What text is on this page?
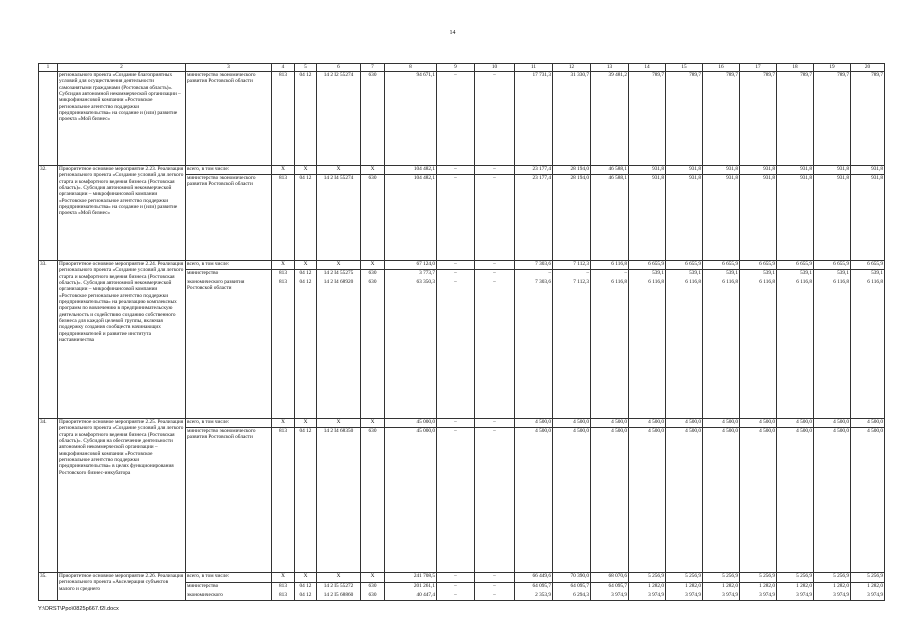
14
1	2	3	4	5	6	7	8	9	10	11	12	13	14	15	16	17	18	19	20
	регионального проекта «Создание благоприятных условий для осуществления деятельности самозанятыми гражданами (Ростовская область)». Субсидия автономной некоммерческой организации – микрофинансовой компании «Ростовское региональное агентство поддержки предпринимательства» на создание и (или) развитие проекта «Мой бизнес»	министерство экономического развития Ростовской области	813	04 12	14 2 I2 55274	630	94 671,1	–	–	17 731,3	31 330,7	39 481,2	789,7	789,7	789,7	789,7	789,7	789,7	789,7
32.	Приоритетное основное мероприятие 2.23. Реализация регионального проекта «Создание условий для легкого старта и комфортного ведения бизнеса (Ростовская область)». Субсидия автономной некоммерческой организации – микрофинансовой компании «Ростовское региональное агентство поддержки предпринимательства» на создание и (или) развитие проекта «Мой бизнес»	всего, в том числе:	Х	Х	Х	Х	104 482,1	–	–	23 177,4	28 194,0	46 588,1	931,8	931,8	931,8	931,8	931,8	931,8	931,8
		министерство экономического развития Ростовской области	813	04 12	14 2 I4 55274	630	104 482,1	–	–	23 177,4	28 194,0	46 588,1	931,8	931,8	931,8	931,8	931,8	931,8	931,8
33.	Приоритетное основное мероприятие 2.24. Реализация регионального проекта «Создание условий для легкого старта и комфортного ведения бизнеса (Ростовская область)». Субсидия автономной некоммерческой организации – микрофинансовой компании «Ростовское региональное агентство поддержки предпринимательства» на реализацию комплексных программ по вовлечению в предпринимательскую деятельность и содействию созданию собственного бизнеса для каждой целевой группы, включая поддержку создания сообществ начинающих предпринимателей и развитие института наставничества	всего, в том числе:	Х	Х	Х	Х	67 124,0	–	–	7 303,6	7 112,3	6 116,8	6 655,9	6 655,9	6 655,9	6 655,9	6 655,9	6 655,9	6 655,9
		министерство	813	04 12	14 2 I4 55275	630	3 773,7	–	–	–	–	–	539,1	539,1	539,1	539,1	539,1	539,1	539,1
		экономического развития Ростовской области	813	04 12	14 2 I4 68920	630	63 350,3	–	–	7 303,6	7 112,3	6 116,8	6 116,8	6 116,8	6 116,8	6 116,8	6 116,8	6 116,8	6 116,8
34.	Приоритетное основное мероприятие 2.25. Реализация регионального проекта «Создание условий для легкого старта и комфортного ведения бизнеса (Ростовская область)». Субсидия на обеспечение деятельности автономной некоммерческой организации – микрофинансовой компании «Ростовское региональное агентство поддержки предпринимательства» в целях функционирования Ростовского бизнес-инкубатора	всего, в том числе:	Х	Х	Х	Х	45 000,0	–	–	4 500,0	4 500,0	4 500,0	4 500,0	4 500,0	4 500,0	4 500,0	4 500,0	4 500,0	4 500,0
		министерство экономического развития Ростовской области	813	04 12	14 2 I4 68350	630	45 000,0	–	–	4 500,0	4 500,0	4 500,0	4 500,0	4 500,0	4 500,0	4 500,0	4 500,0	4 500,0	4 500,0
35.	Приоритетное основное мероприятие 2.26. Реализация регионального проекта «Акселерация субъектов малого и среднего	всего, в том числе:	Х	Х	Х	Х	241 708,5	–	–	66 449,6	70 390,0	68 070,6	5 256,9	5 256,9	5 256,9	5 256,9	5 256,9	5 256,9	5 256,9
		министерство	813	04 12	14 2 I5 55272	630	201 261,1	–	–	64 095,7	64 095,7	64 095,7	1 282,0	1 282,0	1 282,0	1 282,0	1 282,0	1 282,0	1 282,0
		экономического	813	04 12	14 2 I5 68860	630	40 447,4	–	–	2 353,9	6 294,3	3 974,9	3 974,9	3 974,9	3 974,9	3 974,9	3 974,9	3 974,9	3 974,9
Y:\ORST\Ppo\0825p667.f2l.docx
